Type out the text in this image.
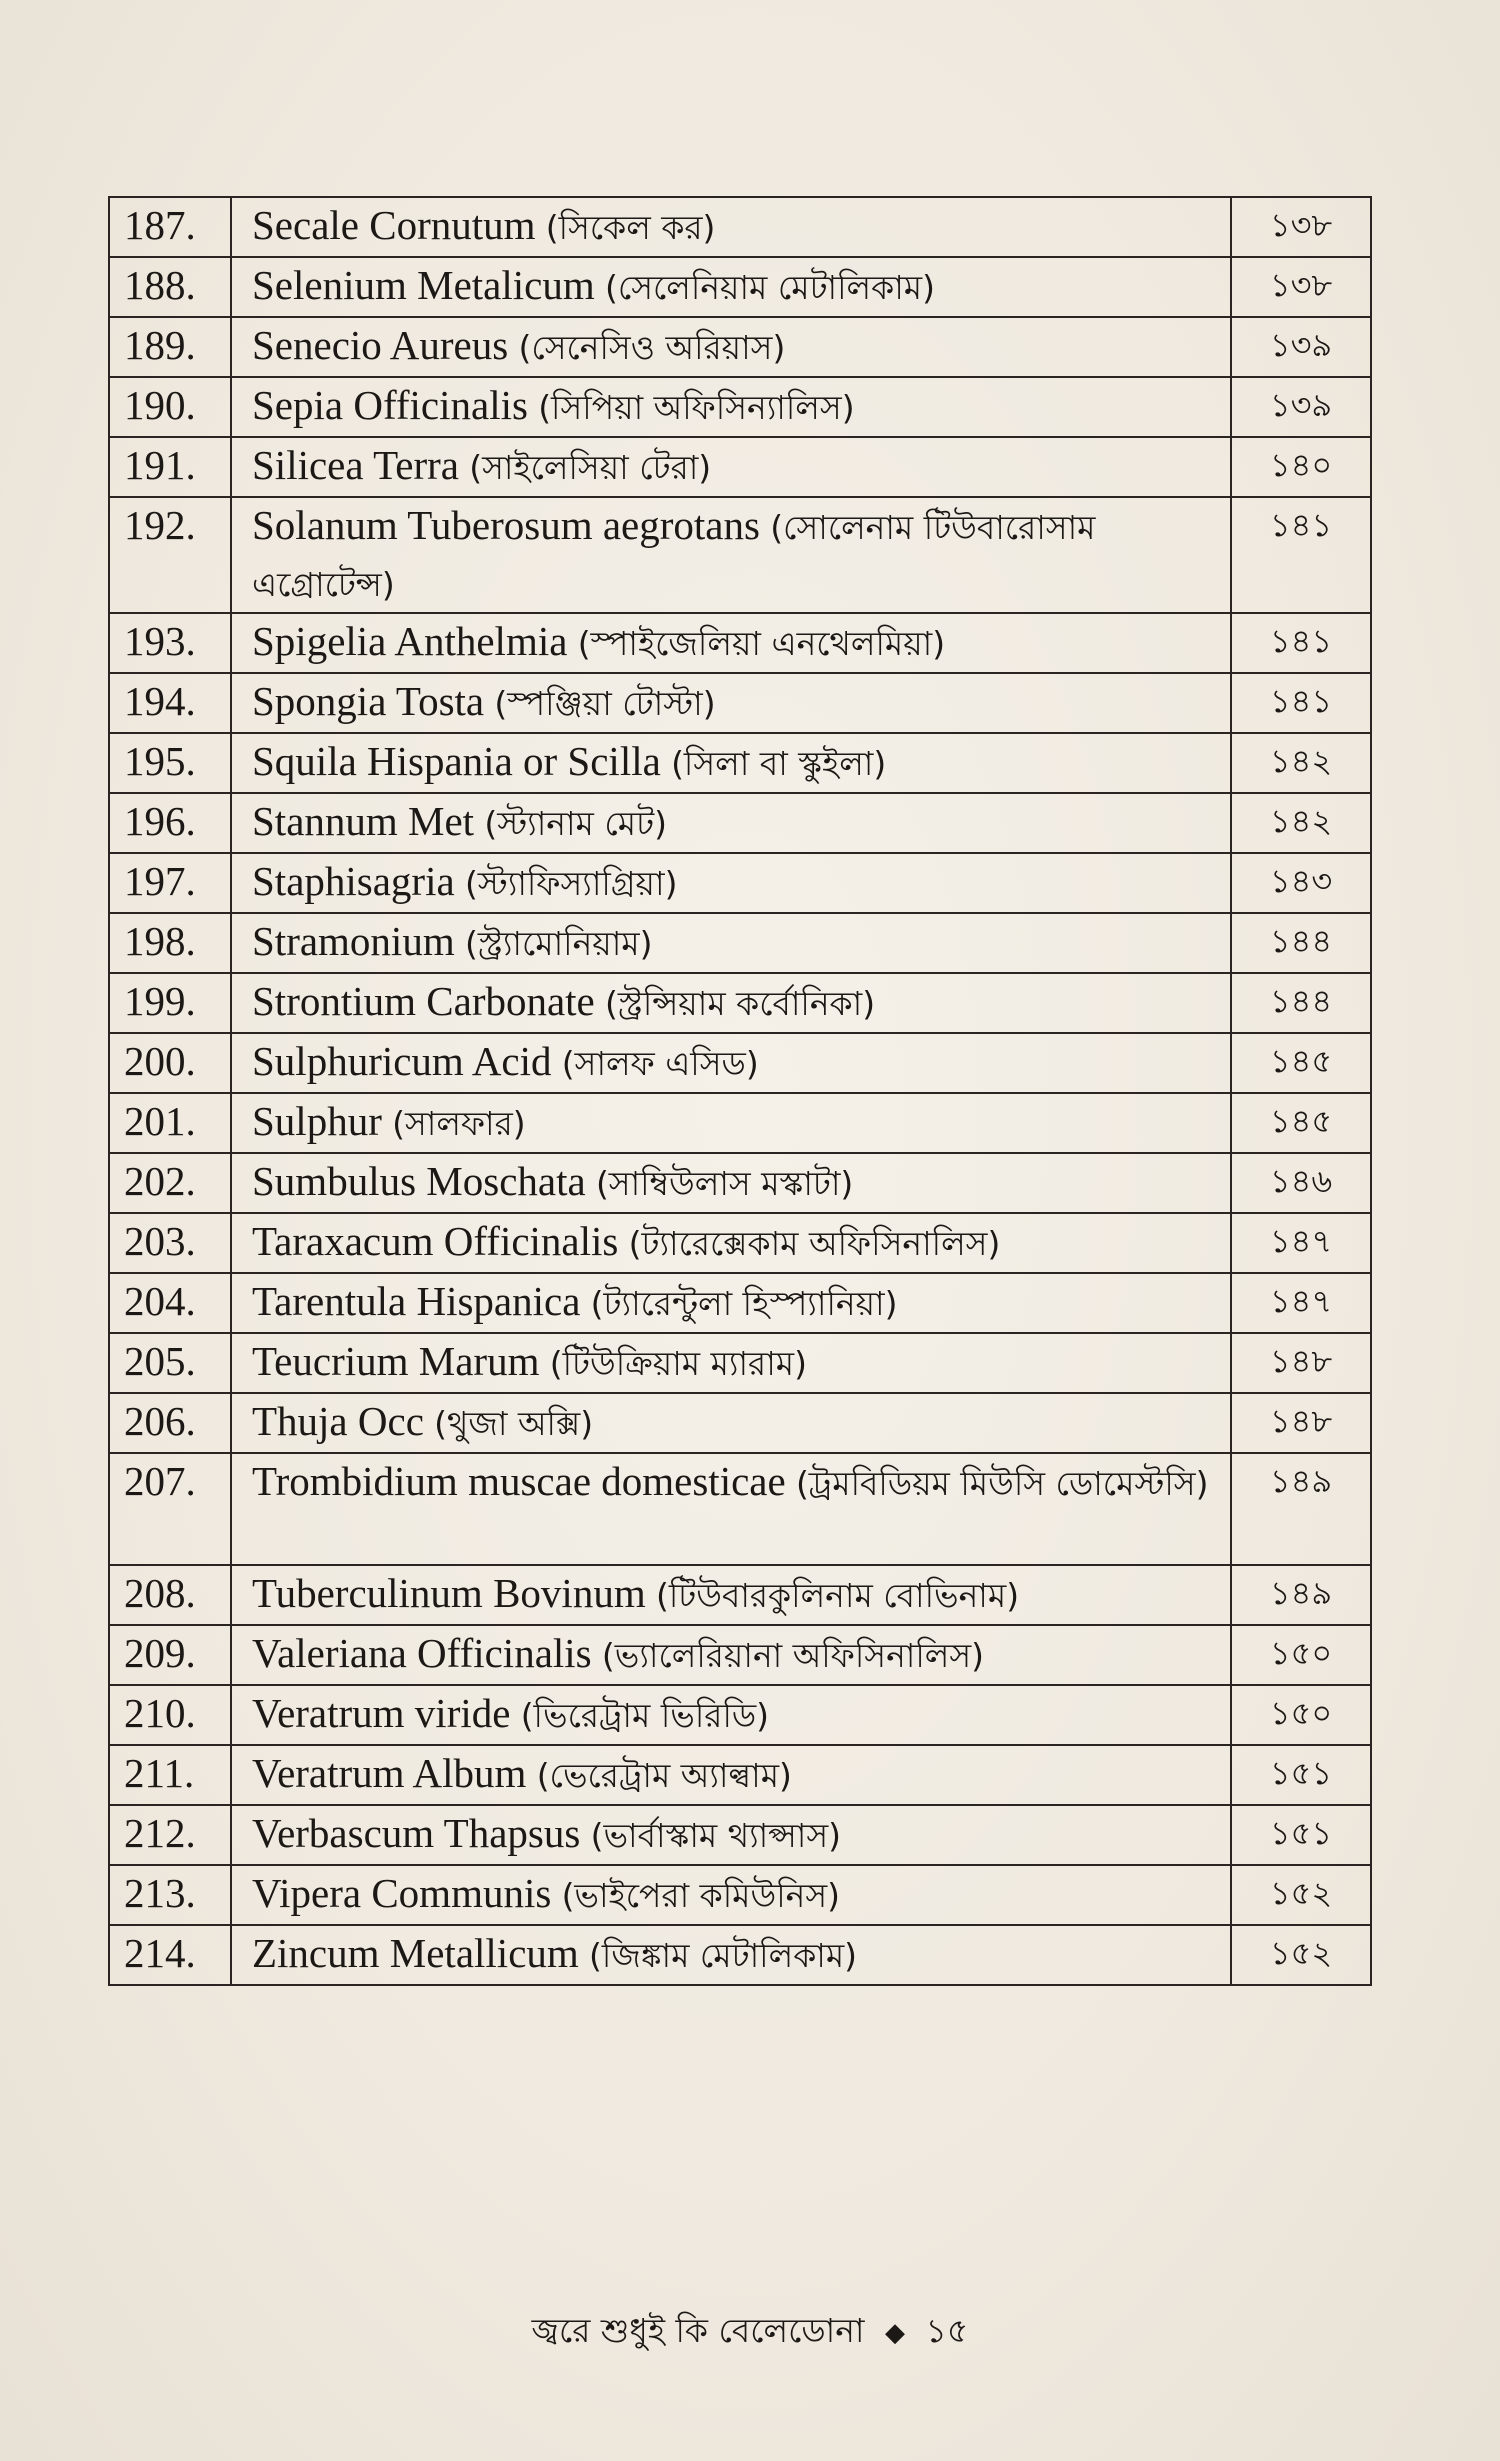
187.	Secale Cornutum (সিকেল কর)	১৩৮
188.	Selenium Metalicum (সেলেনিয়াম মেটালিকাম)	১৩৮
189.	Senecio Aureus (সেনেসিও অরিয়াস)	১৩৯
190.	Sepia Officinalis (সিপিয়া অফিসিন্যালিস)	১৩৯
191.	Silicea Terra (সাইলেসিয়া টেরা)	১৪০
192.	Solanum Tuberosum aegrotans (সোলেনাম টিউবারোসাম এগ্রোটেন্স)	১৪১
193.	Spigelia Anthelmia (স্পাইজেলিয়া এনথেলমিয়া)	১৪১
194.	Spongia Tosta (স্পঞ্জিয়া টোস্টা)	১৪১
195.	Squila Hispania or Scilla (সিলা বা স্কুইলা)	১৪২
196.	Stannum Met (স্ট্যানাম মেট)	১৪২
197.	Staphisagria (স্ট্যাফিস্যাগ্রিয়া)	১৪৩
198.	Stramonium (স্ট্র্যামোনিয়াম)	১৪৪
199.	Strontium Carbonate (স্ট্রন্সিয়াম কর্বোনিকা)	১৪৪
200.	Sulphuricum Acid (সালফ এসিড)	১৪৫
201.	Sulphur (সালফার)	১৪৫
202.	Sumbulus Moschata (সাম্বিউলাস মস্কাটা)	১৪৬
203.	Taraxacum Officinalis (ট্যারেক্সেকাম অফিসিনালিস)	১৪৭
204.	Tarentula Hispanica (ট্যারেন্টুলা হিস্প্যানিয়া)	১৪৭
205.	Teucrium Marum (টিউক্রিয়াম ম্যারাম)	১৪৮
206.	Thuja Occ (থুজা অক্সি)	১৪৮
207.	Trombidium muscae domesticae (ট্রমবিডিয়ম মিউসি ডোমেস্টসি)	১৪৯
208.	Tuberculinum Bovinum (টিউবারকুলিনাম বোভিনাম)	১৪৯
209.	Valeriana Officinalis (ভ্যালেরিয়ানা অফিসিনালিস)	১৫০
210.	Veratrum viride (ভিরেট্রাম ভিরিডি)	১৫০
211.	Veratrum Album (ভেরেট্রাম অ্যাল্বাম)	১৫১
212.	Verbascum Thapsus (ভার্বাস্কাম থ্যাপ্সাস)	১৫১
213.	Vipera Communis (ভাইপেরা কমিউনিস)	১৫২
214.	Zincum Metallicum (জিঙ্কাম মেটালিকাম)	১৫২
জ্বরে শুধুই কি বেলেডোনা ◆ ১৫
